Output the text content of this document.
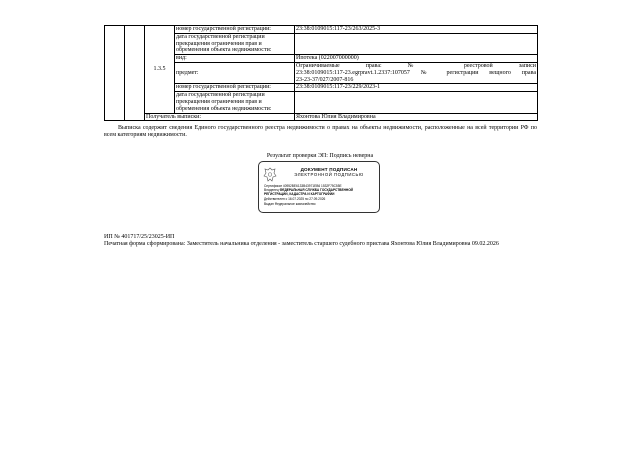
		1.3.5	номер государственной регистрации:	23:38:0109015:117-23/263/2025-3
			дата государственной регистрации прекращения ограничения прав и обременения объекта недвижимости:	
			вид:	Ипотека (022007000000)
			предмет:	Ограничиваемые права: № реестровой записи
23:38:0109015:117-23.egrpravt.1.2337:107057 № регистрации вещного права
23-23-37/027/2007-816

			номер государственной регистрации:	23:38:0109015:117-23/229/2023-1
			дата государственной регистрации прекращения ограничения прав и обременения объекта недвижимости:	
		Получатель выписки:		Яхонтова Юлия Владимировна
Выписка содержит сведения Единого государственного реестра недвижимости о правах на объекты недвижимости, расположенные на всей территории РФ по всем категориям недвижимости.
Результат проверки ЭП: Подпись неверна
ДОКУМЕНТ ПОДПИСАН
ЭЛЕКТРОННОЙ ПОДПИСЬЮ
Сертификат 40952BE6133B43971EB6 1532F75C55E
Владелец ФЕДЕРАЛЬНАЯ СЛУЖБА ГОСУДАРСТВЕННОЙ
РЕГИСТРАЦИИ, КАДАСТРА И КАРТОГРАФИИ
Действителен с 16.07.2025 по 27.09.2026
Выдан Федеральное казначейство
ИП № 401717/25/23025-ИП
Печатная форма сформирована: Заместитель начальника отделения - заместитель старшего судебного пристава Яхонтова Юлия Владимировна 09.02.2026
